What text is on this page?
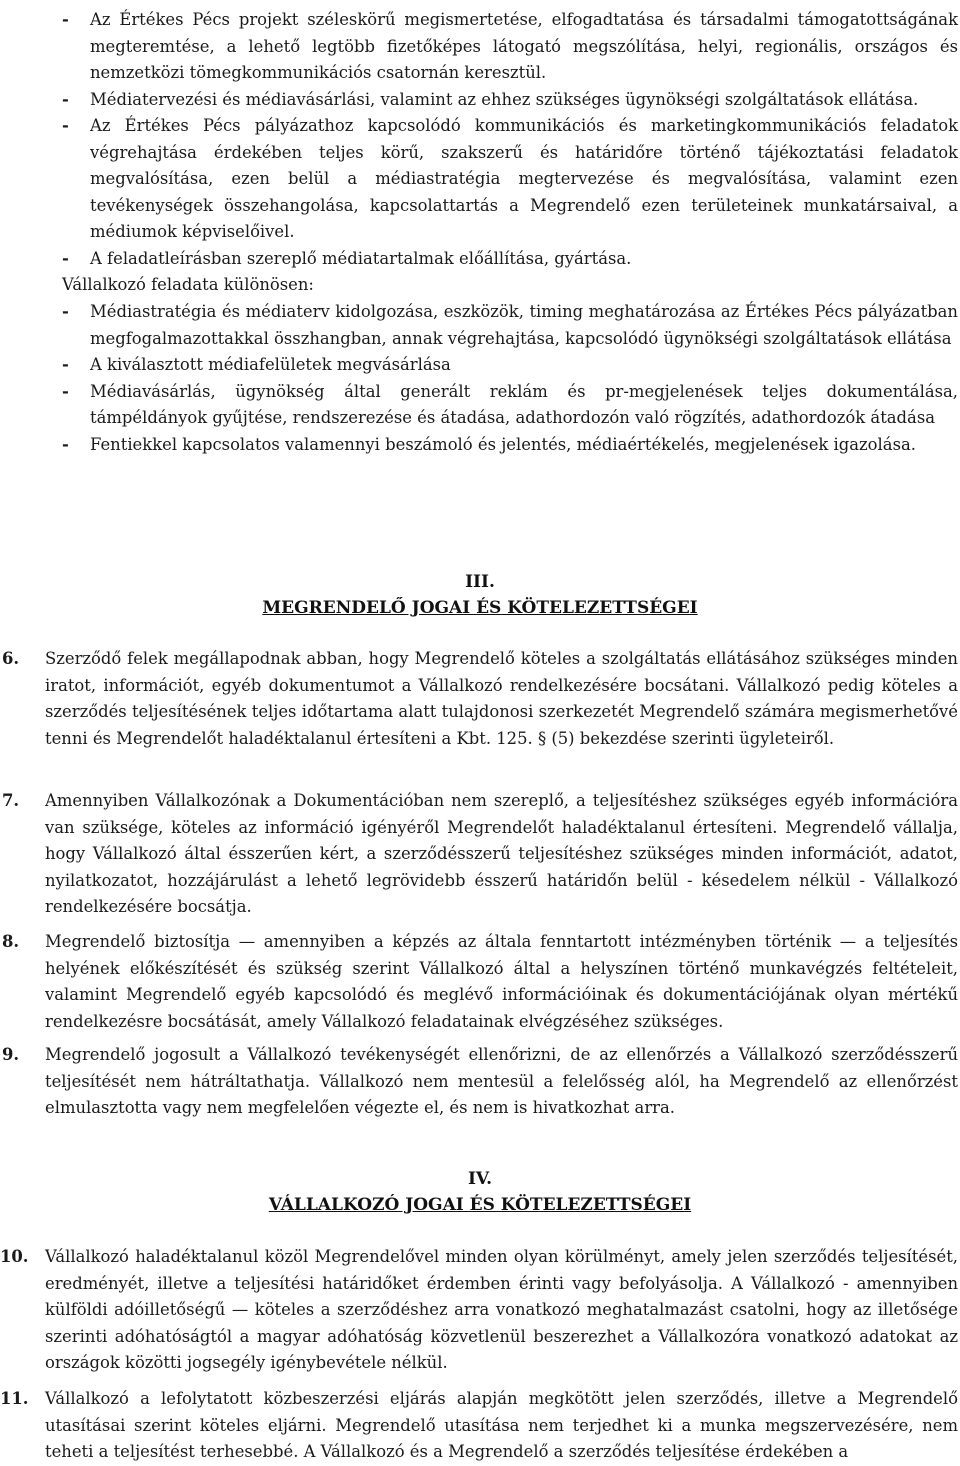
- Az Értékes Pécs projekt széleskörű megismertetése, elfogadtatása és társadalmi támogatottságának megteremtése, a lehető legtöbb fizetőképes látogató megszólítása, helyi, regionális, országos és nemzetközi tömegkommunikációs csatornán keresztül.
- Médiatervezési és médiavásárlási, valamint az ehhez szükséges ügynökségi szolgáltatások ellátása.
- Az Értékes Pécs pályázathoz kapcsolódó kommunikációs és marketingkommunikációs feladatok végrehajtása érdekében teljes körű, szakszerű és határidőre történő tájékoztatási feladatok megvalósítása, ezen belül a médiastratégia megtervezése és megvalósítása, valamint ezen tevékenységek összehangolása, kapcsolattartás a Megrendelő ezen területeinek munkatársaival, a médiumok képviselőivel.
- A feladatleírásban szereplő médiatartalmak előállítása, gyártása.
Vállalkozó feladata különösen:
- Médiastratégia és médiaterv kidolgozása, eszközök, timing meghatározása az Értékes Pécs pályázatban megfogalmazottakkal összhangban, annak végrehajtása, kapcsolódó ügynökségi szolgáltatások ellátása
- A kiválasztott médiafelületek megvásárlása
- Médiavásárlás, ügynökség által generált reklám és pr-megjelenések teljes dokumentálása, támpéldányok gyűjtése, rendszerezése és átadása, adathordozón való rögzítés, adathordozók átadása
- Fentiekkel kapcsolatos valamennyi beszámoló és jelentés, médiaértékelés, megjelenések igazolása.
III.
MEGRENDELŐ JOGAI ÉS KÖTELEZETTSÉGEI
6. Szerződő felek megállapodnak abban, hogy Megrendelő köteles a szolgáltatás ellátásához szükséges minden iratot, információt, egyéb dokumentumot a Vállalkozó rendelkezésére bocsátani. Vállalkozó pedig köteles a szerződés teljesítésének teljes időtartama alatt tulajdonosi szerkezetét Megrendelő számára megismerhetővé tenni és Megrendelőt haladéktalanul értesíteni a Kbt. 125. § (5) bekezdése szerinti ügyleteiről.
7. Amennyiben Vállalkozónak a Dokumentációban nem szereplő, a teljesítéshez szükséges egyéb információra van szüksége, köteles az információ igényéről Megrendelőt haladéktalanul értesíteni. Megrendelő vállalja, hogy Vállalkozó által ésszerűen kért, a szerződésszerű teljesítéshez szükséges minden információt, adatot, nyilatkozatot, hozzájárulást a lehető legrövidebb ésszerű határidőn belül - késedelem nélkül - Vállalkozó rendelkezésére bocsátja.
8. Megrendelő biztosítja — amennyiben a képzés az általa fenntartott intézményben történik — a teljesítés helyének előkészítését és szükség szerint Vállalkozó által a helyszínen történő munkavégzés feltételeit, valamint Megrendelő egyéb kapcsolódó és meglévő információinak és dokumentációjának olyan mértékű rendelkezésre bocsátását, amely Vállalkozó feladatainak elvégzéséhez szükséges.
9. Megrendelő jogosult a Vállalkozó tevékenységét ellenőrizni, de az ellenőrzés a Vállalkozó szerződésszerű teljesítését nem hátráltathatja. Vállalkozó nem mentesül a felelősség alól, ha Megrendelő az ellenőrzést elmulasztotta vagy nem megfelelően végezte el, és nem is hivatkozhat arra.
IV.
VÁLLALKOZÓ JOGAI ÉS KÖTELEZETTSÉGEI
10. Vállalkozó haladéktalanul közöl Megrendelővel minden olyan körülményt, amely jelen szerződés teljesítését, eredményét, illetve a teljesítési határidőket érdemben érinti vagy befolyásolja. A Vállalkozó - amennyiben külföldi adóilletőségű — köteles a szerződéshez arra vonatkozó meghatalmazást csatolni, hogy az illetősége szerinti adóhatóságtól a magyar adóhatóság közvetlenül beszerezhet a Vállalkozóra vonatkozó adatokat az országok közötti jogsegély igénybevétele nélkül.
11. Vállalkozó a lefolytatott közbeszerzési eljárás alapján megkötött jelen szerződés, illetve a Megrendelő utasításai szerint köteles eljárni. Megrendelő utasítása nem terjedhet ki a munka megszervezésére, nem teheti a teljesítést terhesebbé. A Vállalkozó és a Megrendelő a szerződés teljesítése érdekében a
